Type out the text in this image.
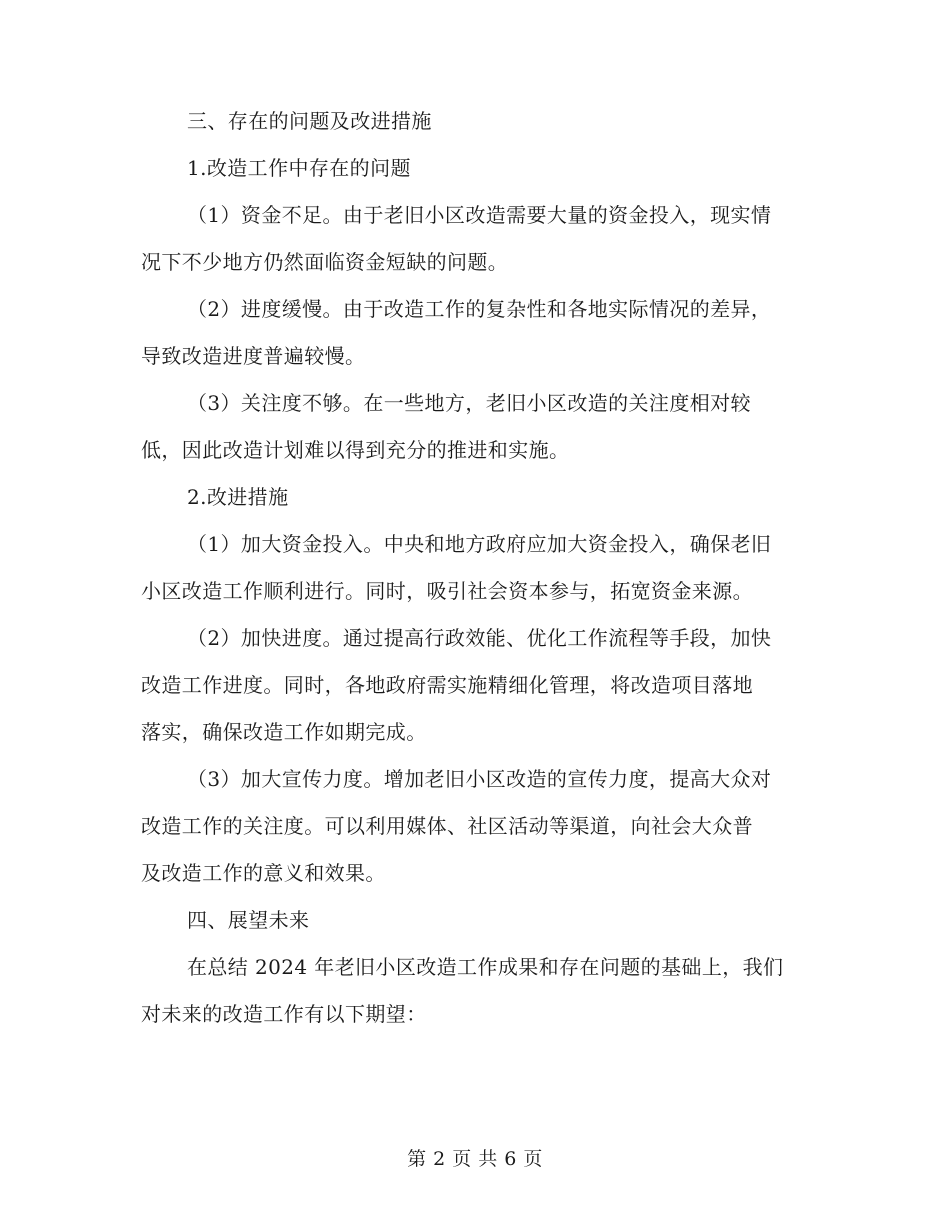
三、存在的问题及改进措施
1.改造工作中存在的问题
（1）资金不足。由于老旧小区改造需要大量的资金投入，现实情
况下不少地方仍然面临资金短缺的问题。
（2）进度缓慢。由于改造工作的复杂性和各地实际情况的差异，
导致改造进度普遍较慢。
（3）关注度不够。在一些地方，老旧小区改造的关注度相对较
低，因此改造计划难以得到充分的推进和实施。
2.改进措施
（1）加大资金投入。中央和地方政府应加大资金投入，确保老旧
小区改造工作顺利进行。同时，吸引社会资本参与，拓宽资金来源。
（2）加快进度。通过提高行政效能、优化工作流程等手段，加快
改造工作进度。同时，各地政府需实施精细化管理，将改造项目落地
落实，确保改造工作如期完成。
（3）加大宣传力度。增加老旧小区改造的宣传力度，提高大众对
改造工作的关注度。可以利用媒体、社区活动等渠道，向社会大众普
及改造工作的意义和效果。
四、展望未来
在总结 2024 年老旧小区改造工作成果和存在问题的基础上，我们
对未来的改造工作有以下期望：
第 2 页 共 6 页
